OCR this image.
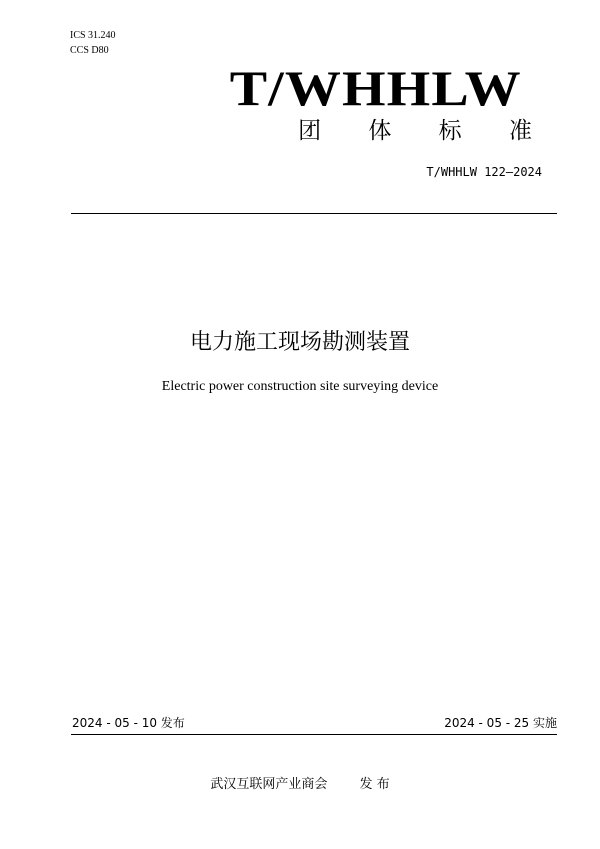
ICS 31.240
CCS D80
T/WHHLW
团 体 标 准
T/WHHLW 122—2024
电力施工现场勘测装置
Electric power construction site surveying device
2024 - 05 - 10 发布	2024 - 05 - 25 实施
武汉互联网产业商会 发 布
